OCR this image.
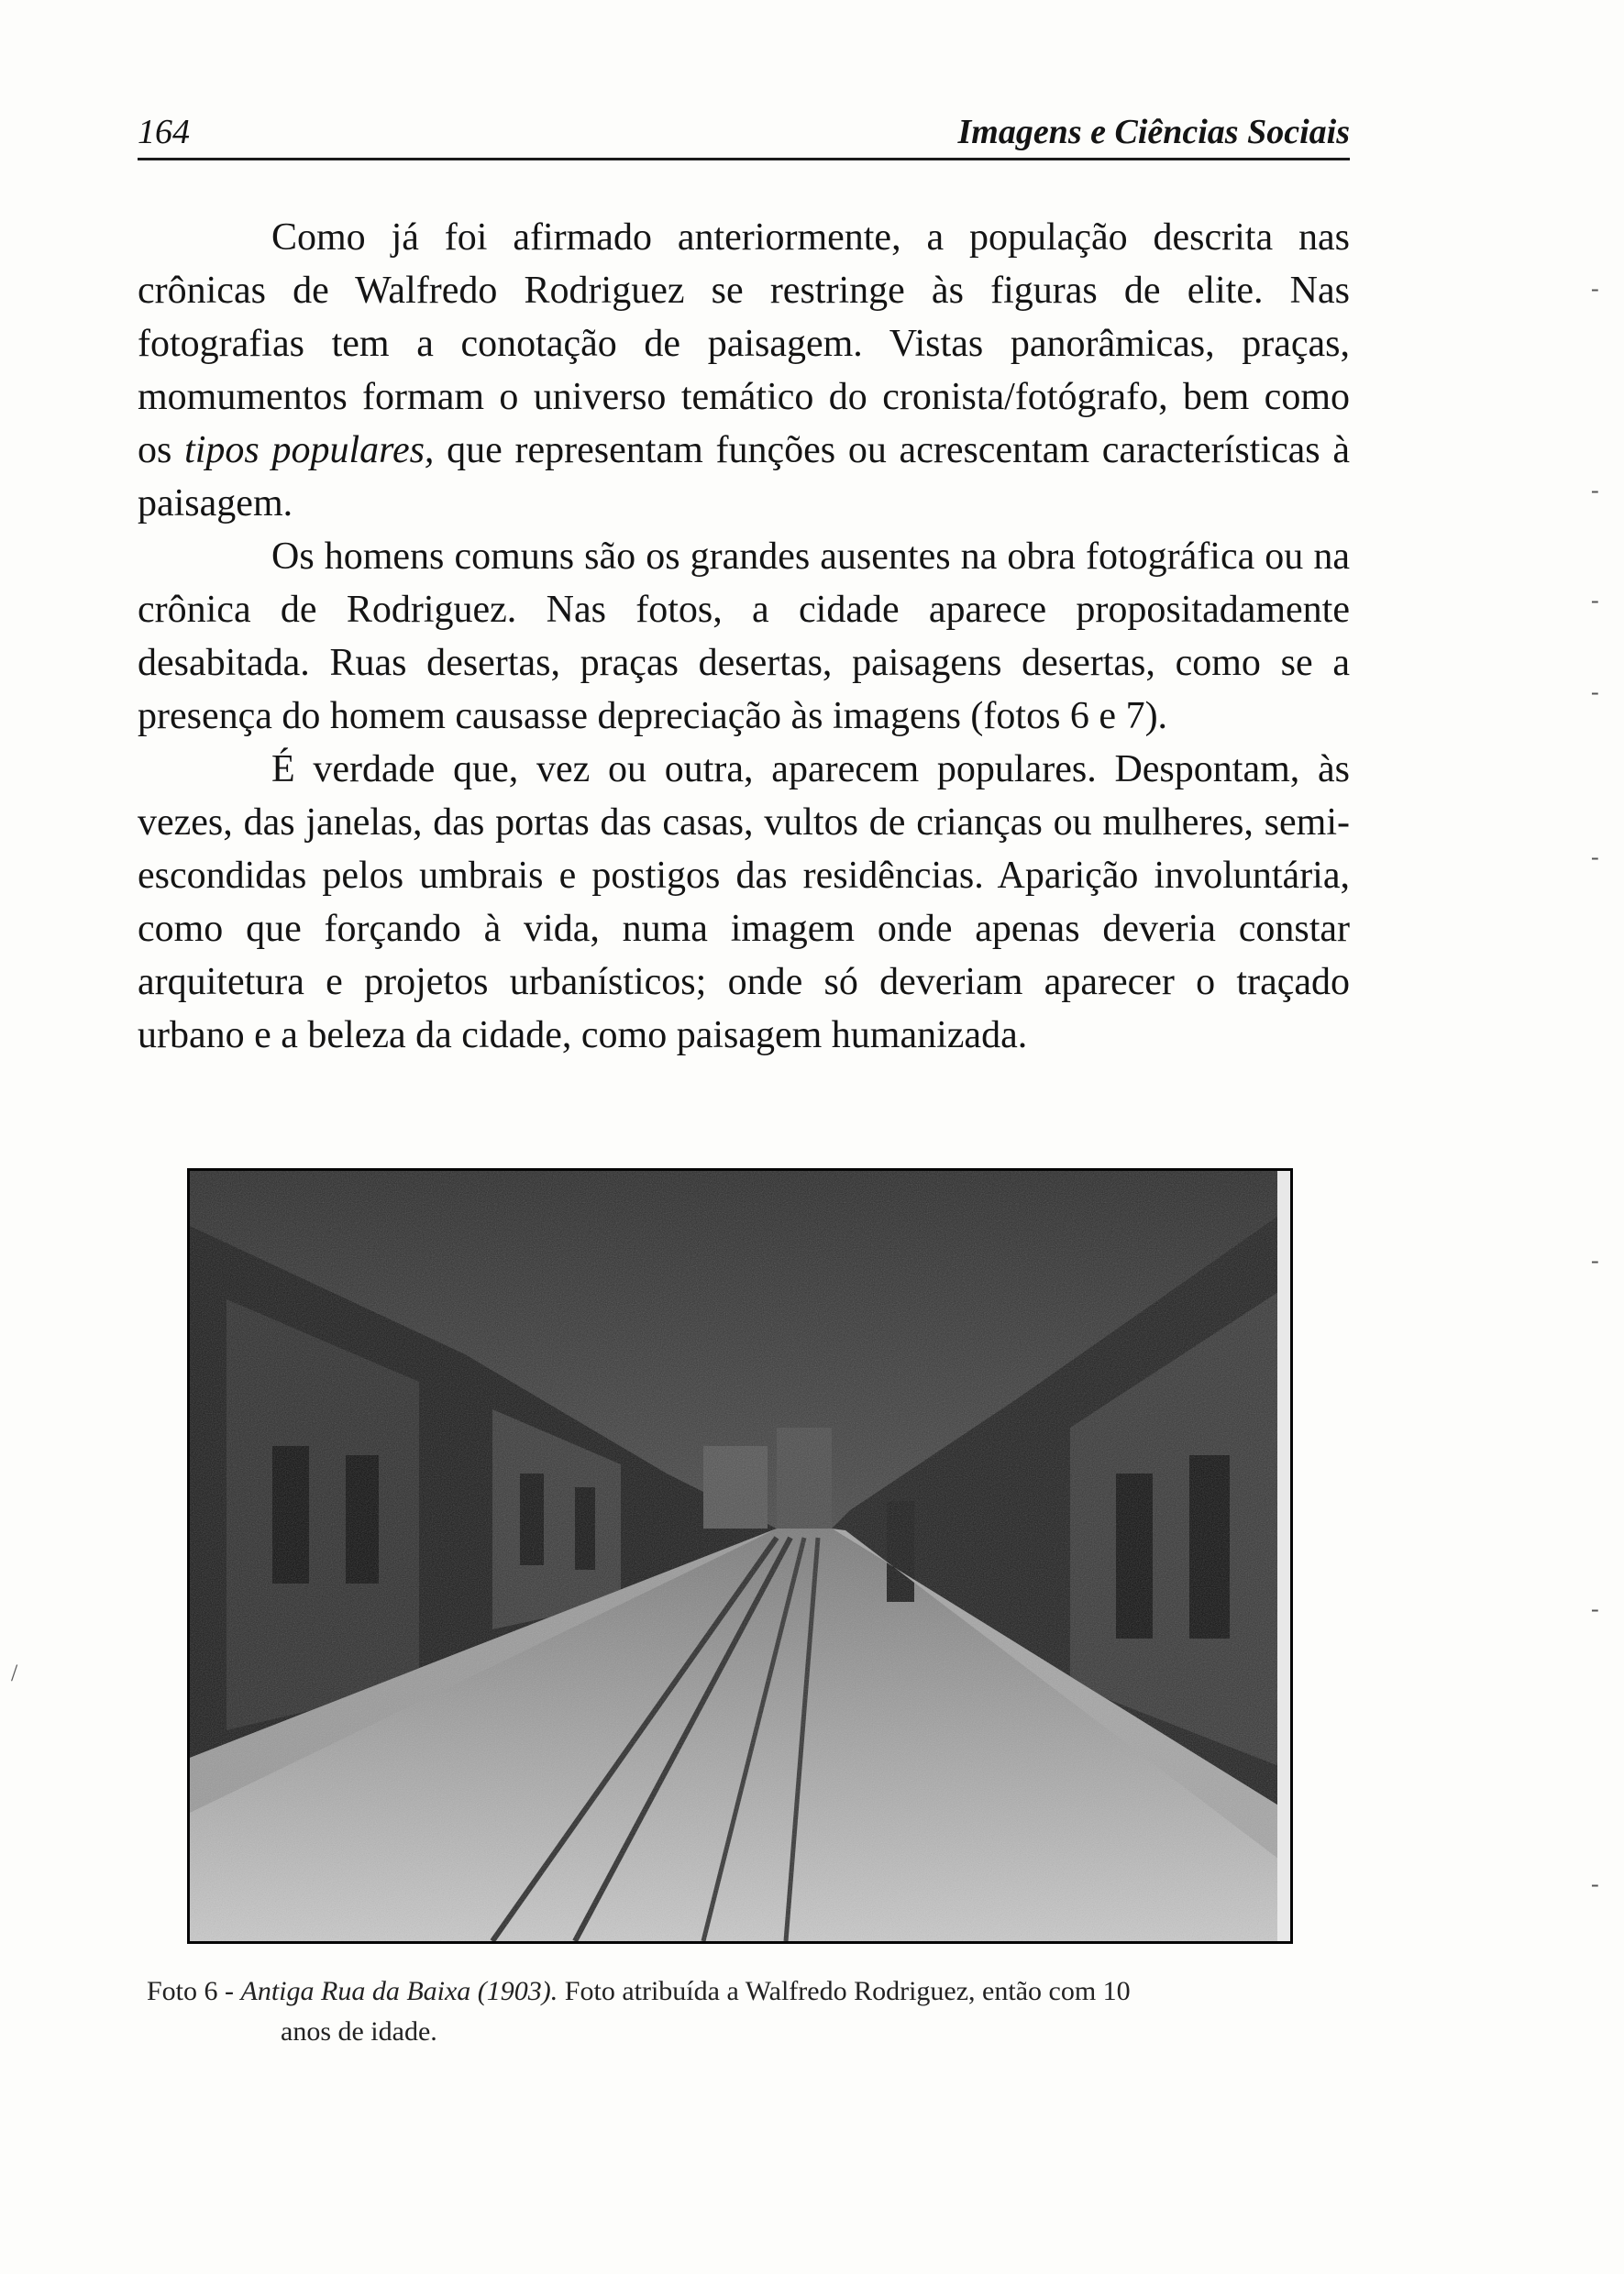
164	Imagens e Ciências Sociais

Como já foi afirmado anteriormente, a população descrita nas crônicas de Walfredo Rodriguez se restringe às figuras de elite. Nas fotografias tem a conotação de paisagem. Vistas panorâmicas, praças, momumentos formam o universo temático do cronista/fotógrafo, bem como os tipos populares, que representam funções ou acrescentam características à paisagem.

Os homens comuns são os grandes ausentes na obra fotográfica ou na crônica de Rodriguez. Nas fotos, a cidade aparece propositadamente desabitada. Ruas desertas, praças desertas, paisagens desertas, como se a presença do homem causasse depreciação às imagens (fotos 6 e 7).

É verdade que, vez ou outra, aparecem populares. Despontam, às vezes, das janelas, das portas das casas, vultos de crianças ou mulheres, semi-escondidas pelos umbrais e postigos das residências. Aparição involuntária, como que forçando à vida, numa imagem onde apenas deveria constar arquitetura e projetos urbanísticos; onde só deveriam aparecer o traçado urbano e a beleza da cidade, como paisagem humanizada.

Foto 6 - Antiga Rua da Baixa (1903). Foto atribuída a Walfredo Rodriguez, então com 10
anos de idade.
-
-
-
-
-
-
-
-
/
